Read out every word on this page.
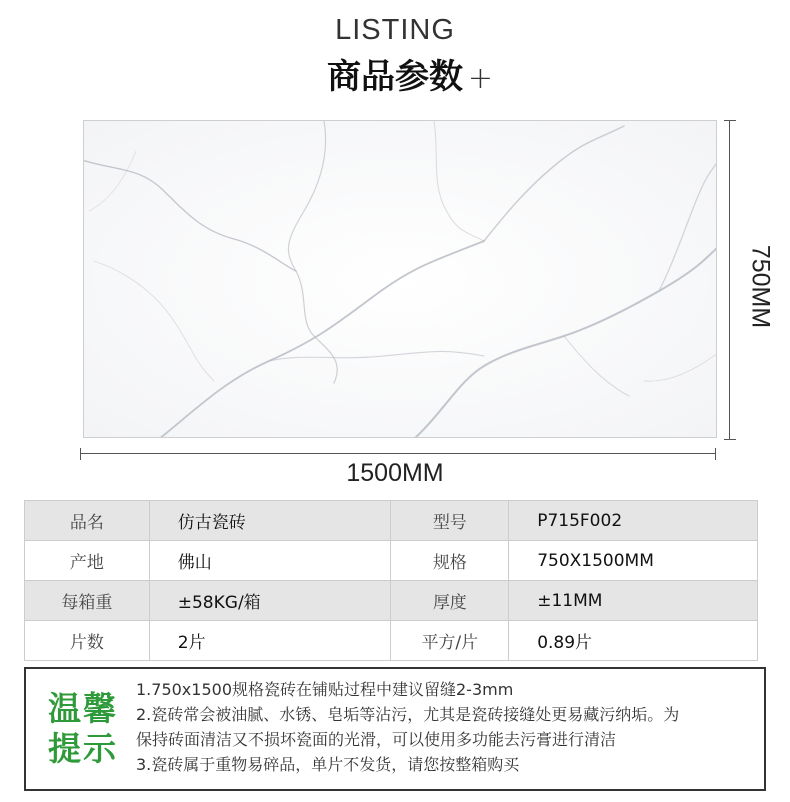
LISTING
商品参数 +
1500MM
750MM
品名	仿古瓷砖	型号	P715F002
产地	佛山	规格	750X1500MM
每箱重	±58KG/箱	厚度	±11MM
片数	2片	平方/片	0.89片
温馨
提示
1.750x1500规格瓷砖在铺贴过程中建议留缝2-3mm
2.瓷砖常会被油腻、水锈、皂垢等沾污，尤其是瓷砖接缝处更易藏污纳垢。为
保持砖面清洁又不损坏瓷面的光滑，可以使用多功能去污膏进行清洁
3.瓷砖属于重物易碎品，单片不发货，请您按整箱购买
